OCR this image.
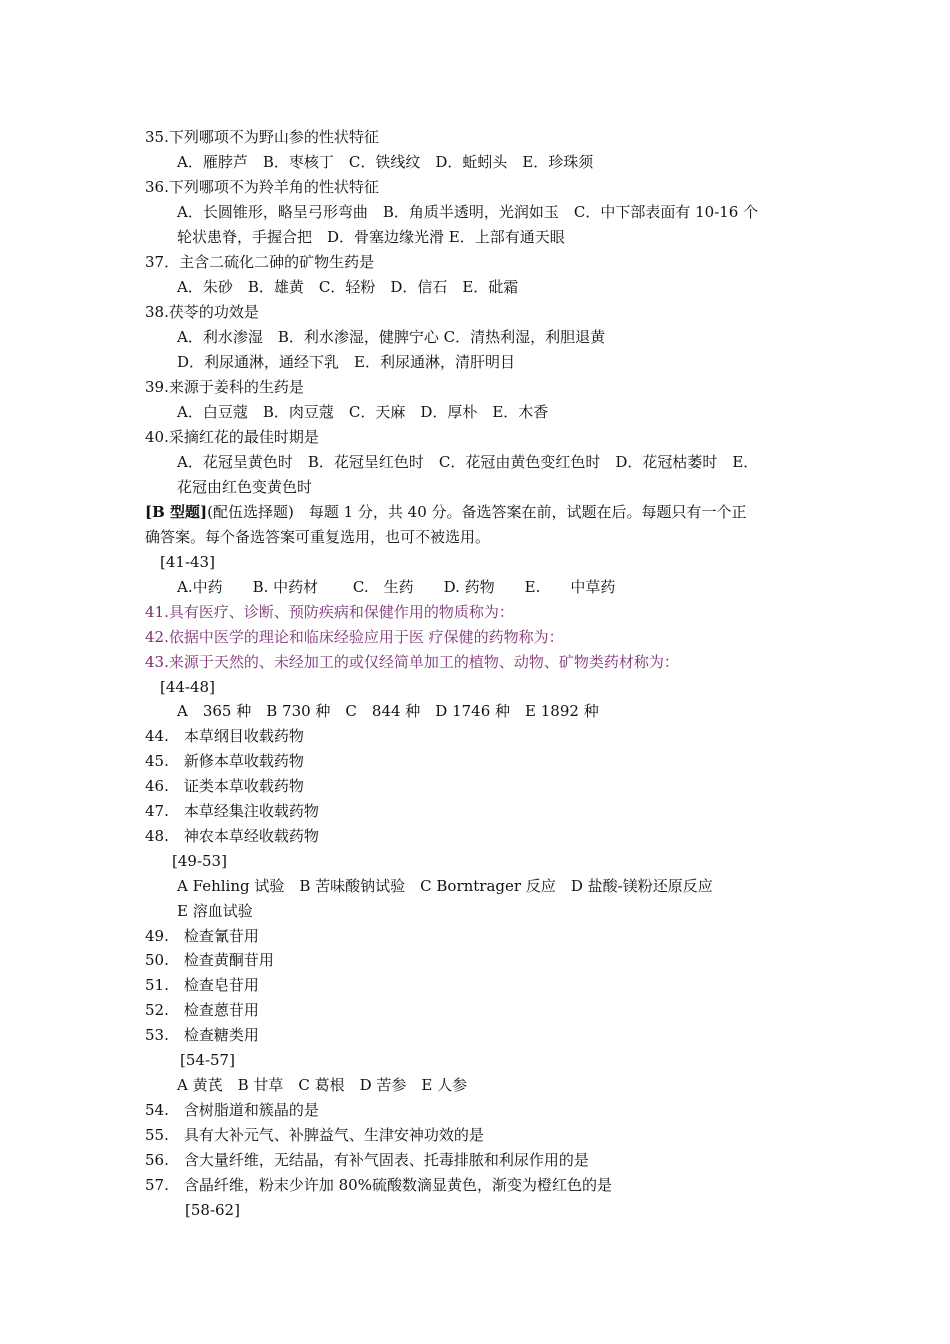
35.下列哪项不为野山参的性状特征
A．雁脖芦　B．枣核丁　C．铁线纹　D．蚯蚓头　E．珍珠须
36.下列哪项不为羚羊角的性状特征
A．长圆锥形，略呈弓形弯曲　B．角质半透明，光润如玉　C．中下部表面有 10-16 个
轮状患脊，手握合把　D．骨塞边缘光滑 E．上部有通天眼
37．主含二硫化二砷的矿物生药是
A．朱砂　B．雄黄　C．轻粉　D．信石　E．砒霜
38.茯苓的功效是
A．利水渗湿　B．利水渗湿，健脾宁心 C．清热利湿，利胆退黄
D．利尿通淋，通经下乳　E．利尿通淋，清肝明目
39.来源于姜科的生药是
A．白豆蔻　B．肉豆蔻　C．天麻　D．厚朴　E．木香
40.采摘红花的最佳时期是
A．花冠呈黄色时　B．花冠呈红色时　C．花冠由黄色变红色时　D．花冠枯萎时　E．
花冠由红色变黄色时
[B 型题](配伍选择题)　每题 1 分，共 40 分。备选答案在前，试题在后。每题只有一个正
确答案。每个备选答案可重复选用，也可不被选用。
[41-43]
A.中药　　B. 中药材　　 C.　生药　　D. 药物　　E.　　中草药
41.具有医疗、诊断、预防疾病和保健作用的物质称为：
42.依据中医学的理论和临床经验应用于医 疗保健的药物称为：
43.来源于天然的、未经加工的或仅经简单加工的植物、动物、矿物类药材称为：
[44-48]
A　365 种　B 730 种　C　844 种　D 1746 种　E 1892 种
44.　本草纲目收载药物
45.　新修本草收载药物
46.　证类本草收载药物
47.　本草经集注收载药物
48.　神农本草经收载药物
[49-53]
A Fehling 试验　B 苦味酸钠试验　C Borntrager 反应　D 盐酸-镁粉还原反应
E 溶血试验
49.　检查氰苷用
50.　检查黄酮苷用
51.　检查皂苷用
52.　检查蒽苷用
53.　检查糖类用
[54-57]
A 黄芪　B 甘草　C 葛根　D 苦参　E 人参
54.　含树脂道和簇晶的是
55.　具有大补元气、补脾益气、生津安神功效的是
56.　含大量纤维，无结晶，有补气固表、托毒排脓和利尿作用的是
57.　含晶纤维，粉末少许加 80%硫酸数滴显黄色，渐变为橙红色的是
[58-62]
